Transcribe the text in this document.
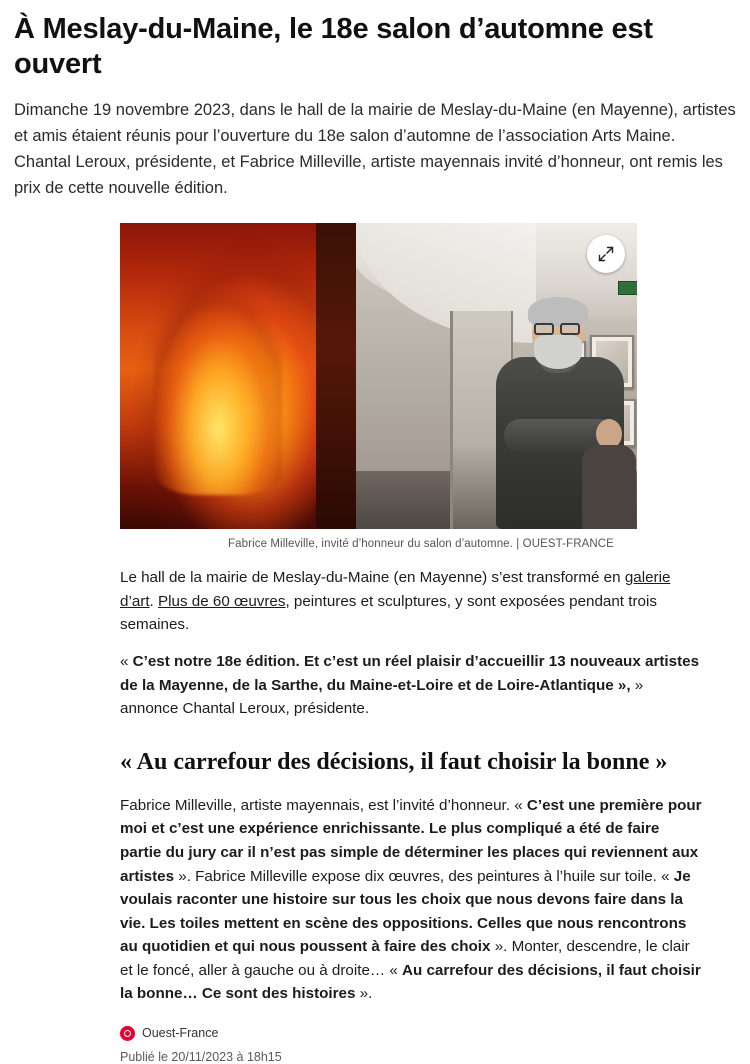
À Meslay-du-Maine, le 18e salon d’automne est ouvert

Dimanche 19 novembre 2023, dans le hall de la mairie de Meslay-du-Maine (en Mayenne), artistes et amis étaient réunis pour l’ouverture du 18e salon d’automne de l’association Arts Maine. Chantal Leroux, présidente, et Fabrice Milleville, artiste mayennais invité d’honneur, ont remis les prix de cette nouvelle édition.

Fabrice Milleville, invité d’honneur du salon d’automne. | OUEST-FRANCE

Le hall de la mairie de Meslay-du-Maine (en Mayenne) s’est transformé en galerie d’art. Plus de 60 œuvres, peintures et sculptures, y sont exposées pendant trois semaines.

« C’est notre 18e édition. Et c’est un réel plaisir d’accueillir 13 nouveaux artistes de la Mayenne, de la Sarthe, du Maine-et-Loire et de Loire-Atlantique », » annonce Chantal Leroux, présidente.

« Au carrefour des décisions, il faut choisir la bonne »

Fabrice Milleville, artiste mayennais, est l’invité d’honneur. « C’est une première pour moi et c’est une expérience enrichissante. Le plus compliqué a été de faire partie du jury car il n’est pas simple de déterminer les places qui reviennent aux artistes ». Fabrice Milleville expose dix œuvres, des peintures à l’huile sur toile. « Je voulais raconter une histoire sur tous les choix que nous devons faire dans la vie. Les toiles mettent en scène des oppositions. Celles que nous rencontrons au quotidien et qui nous poussent à faire des choix ». Monter, descendre, le clair et le foncé, aller à gauche ou à droite… « Au carrefour des décisions, il faut choisir la bonne… Ce sont des histoires ».

Ouest-France
Publié le 20/11/2023 à 18h15
